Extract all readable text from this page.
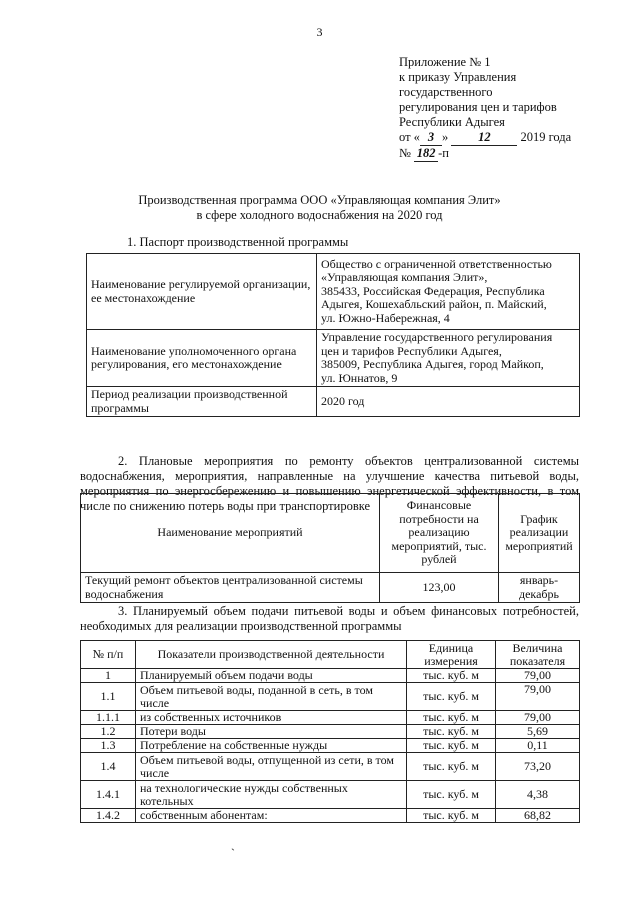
3
Приложение № 1
к приказу Управления
государственного
регулирования цен и тарифов
Республики Адыгея
от « 3 » 12 2019 года
№ 182 -п
Производственная программа ООО «Управляющая компания Элит»
в сфере холодного водоснабжения на 2020 год
1. Паспорт производственной программы
Наименование регулируемой организации, ее местонахождение	Общество с ограниченной ответственностью
«Управляющая компания Элит»,
385433, Российская Федерация, Республика
Адыгея, Кошехабльский район, п. Майский,
ул. Южно-Набережная, 4

Наименование уполномоченного органа регулирования, его местонахождение	Управление государственного регулирования
цен и тарифов Республики Адыгея,
385009, Республика Адыгея, город Майкоп,
ул. Юннатов, 9

Период реализации производственной программы	2020 год
2. Плановые мероприятия по ремонту объектов централизованной системы водоснабжения, мероприятия, направленные на улучшение качества питьевой воды, мероприятия по энергосбережению и повышению энергетической эффективности, в том числе по снижению потерь воды при транспортировке
Наименование мероприятий	Финансовые потребности на реализацию мероприятий, тыс. рублей	График реализации мероприятий
Текущий ремонт объектов централизованной системы водоснабжения	123,00	январь-декабрь
3. Планируемый объем подачи питьевой воды и объем финансовых потребностей, необходимых для реализации производственной программы
№ п/п	Показатели производственной деятельности	Единица измерения	Величина показателя
1	Планируемый объем подачи воды	тыс. куб. м	79,00
1.1	Объем питьевой воды, поданной в сеть, в том числе	тыс. куб. м	79,00
1.1.1	из собственных источников	тыс. куб. м	79,00
1.2	Потери воды	тыс. куб. м	5,69
1.3	Потребление на собственные нужды	тыс. куб. м	0,11
1.4	Объем питьевой воды, отпущенной из сети, в том числе	тыс. куб. м	73,20
1.4.1	на технологические нужды собственных котельных	тыс. куб. м	4,38
1.4.2	собственным абонентам:	тыс. куб. м	68,82
`
